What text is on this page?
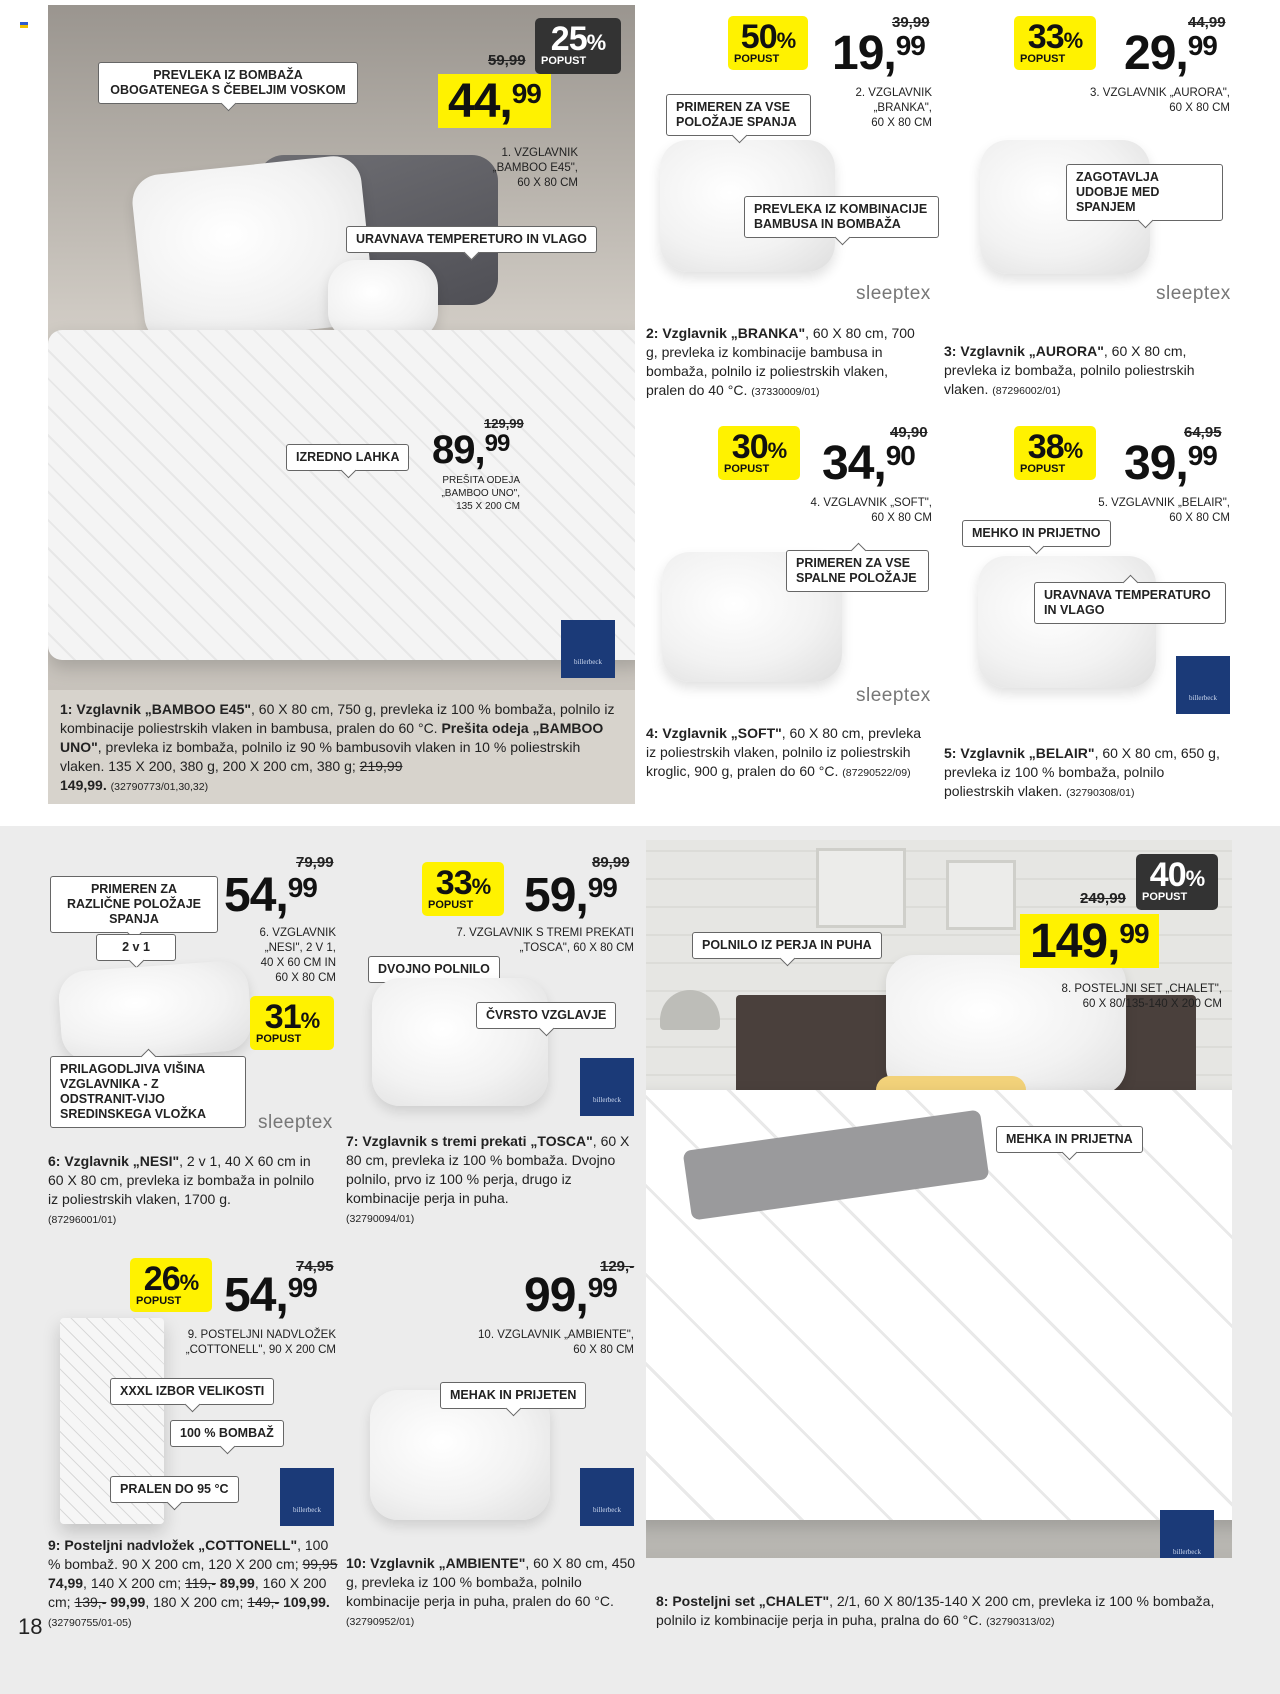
billerbeck
25%
POPUST
59,99
44,99
1. VZGLAVNIK
„BAMBOO E45",
60 X 80 CM
PREVLEKA IZ BOMBAŽA OBOGATENEGA S ČEBELJIM VOSKOM
URAVNAVA TEMPERETURO IN VLAGO
IZREDNO LAHKA
129,99
89,99
PREŠITA ODEJA
„BAMBOO UNO",
135 X 200 CM
1: Vzglavnik „BAMBOO E45", 60 X 80 cm, 750 g, prevleka iz 100 % bombaža, polnilo iz kombinacije poliestrskih vlaken in bambusa, pralen do 60 °C. Prešita odeja „BAMBOO UNO", prevleka iz bombaža, polnilo iz 90 % bambusovih vlaken in 10 % poliestrskih vlaken. 135 X 200, 380 g, 200 X 200 cm, 380 g; 219,99
149,99. (32790773/01,30,32)
50%
POPUST
39,99
19,99
2. VZGLAVNIK
„BRANKA",
60 X 80 CM
PRIMEREN ZA VSE POLOŽAJE SPANJA
PREVLEKA IZ KOMBINACIJE BAMBUSA IN BOMBAŽA
sleeptex
2: Vzglavnik „BRANKA", 60 X 80 cm, 700 g, prevleka iz kombinacije bambusa in bombaža, polnilo iz poliestrskih vlaken, pralen do 40 °C. (37330009/01)
33%
POPUST
44,99
29,99
3. VZGLAVNIK „AURORA",
60 X 80 CM
ZAGOTAVLJA UDOBJE MED SPANJEM
sleeptex
3: Vzglavnik „AURORA", 60 X 80 cm, prevleka iz bombaža, polnilo poliestrskih vlaken. (87296002/01)
30%
POPUST
49,90
34,90
4. VZGLAVNIK „SOFT",
60 X 80 CM
PRIMEREN ZA VSE SPALNE POLOŽAJE
sleeptex
4: Vzglavnik „SOFT", 60 X 80 cm, prevleka iz poliestrskih vlaken, polnilo iz poliestrskih kroglic, 900 g, pralen do 60 °C. (87290522/09)
38%
POPUST
64,95
39,99
5. VZGLAVNIK „BELAIR",
60 X 80 CM
MEHKO IN PRIJETNO
URAVNAVA TEMPERATURO IN VLAGO
billerbeck
5: Vzglavnik „BELAIR", 60 X 80 cm, 650 g, prevleka iz 100 % bombaža, polnilo poliestrskih vlaken. (32790308/01)
PRIMEREN ZA RAZLIČNE POLOŽAJE SPANJA
79,99
54,99
6. VZGLAVNIK
„NESI", 2 V 1,
40 X 60 CM IN
60 X 80 CM
2 v 1
31%
POPUST
PRILAGODLJIVA VIŠINA VZGLAVNIKA - Z ODSTRANIT-VIJO SREDINSKEGA VLOŽKA	sleeptex
6: Vzglavnik „NESI", 2 v 1, 40 X 60 cm in 60 X 80 cm, prevleka iz bombaža in polnilo iz poliestrskih vlaken, 1700 g.
(87296001/01)
33%
POPUST
89,99
59,99
7. VZGLAVNIK S TREMI PREKATI
„TOSCA", 60 X 80 CM
DVOJNO POLNILO
ČVRSTO VZGLAVJE
billerbeck
7: Vzglavnik s tremi prekati „TOSCA", 60 X 80 cm, prevleka iz 100 % bombaža. Dvojno polnilo, prvo iz 100 % perja, drugo iz kombinacije perja in puha.
(32790094/01)
billerbeck
40%
POPUST
249,99
149,99
8. POSTELJNI SET „CHALET",
60 X 80/135-140 X 200 CM
POLNILO IZ PERJA IN PUHA
MEHKA IN PRIJETNA
8: Posteljni set „CHALET", 2/1, 60 X 80/135-140 X 200 cm, prevleka iz 100 % bombaža, polnilo iz kombinacije perja in puha, pralna do 60 °C. (32790313/02)
26%
POPUST
74,95
54,99
9. POSTELJNI NADVLOŽEK
„COTTONELL", 90 X 200 CM
XXXL IZBOR VELIKOSTI
100 % BOMBAŽ
PRALEN DO 95 °C
billerbeck
9: Posteljni nadvložek „COTTONELL", 100 % bombaž. 90 X 200 cm, 120 X 200 cm; 99,95 74,99, 140 X 200 cm; 119,- 89,99, 160 X 200 cm; 139,- 99,99, 180 X 200 cm; 149,- 109,99. (32790755/01-05)
129,-
99,99
10. VZGLAVNIK „AMBIENTE",
60 X 80 CM
MEHAK IN PRIJETEN
billerbeck
10: Vzglavnik „AMBIENTE", 60 X 80 cm, 450 g, prevleka iz 100 % bombaža, polnilo kombinacije perja in puha, pralen do 60 °C. (32790952/01)
18
